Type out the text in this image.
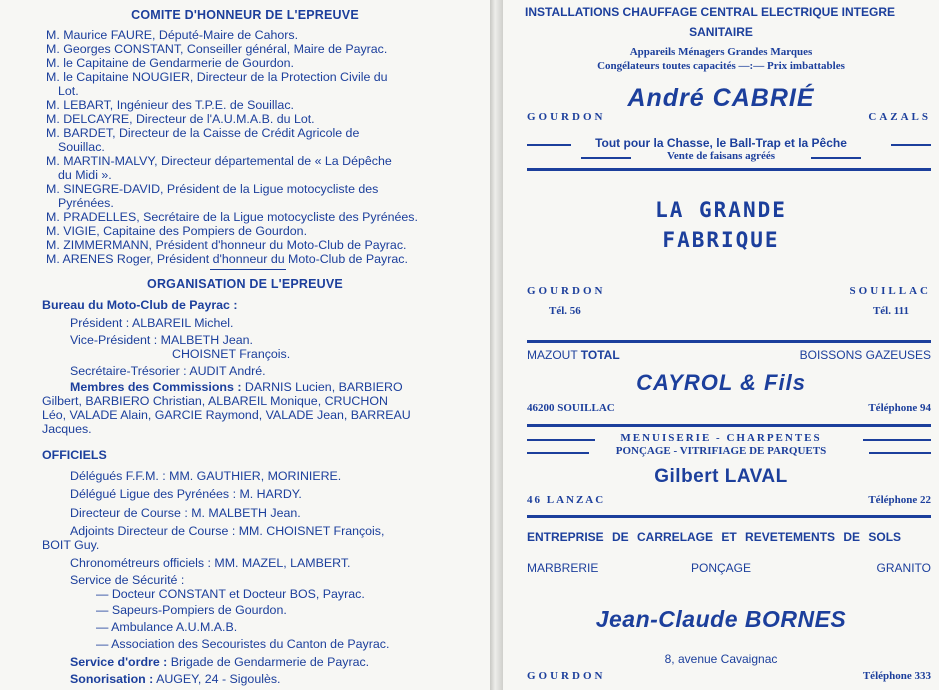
COMITE D'HONNEUR DE L'EPREUVE
M. Maurice FAURE, Député-Maire de Cahors.
M. Georges CONSTANT, Conseiller général, Maire de Payrac.
M. le Capitaine de Gendarmerie de Gourdon.
M. le Capitaine NOUGIER, Directeur de la Protection Civile du
Lot.
M. LEBART, Ingénieur des T.P.E. de Souillac.
M. DELCAYRE, Directeur de l'A.U.M.A.B. du Lot.
M. BARDET, Directeur de la Caisse de Crédit Agricole de
Souillac.
M. MARTIN-MALVY, Directeur départemental de « La Dépêche
du Midi ».
M. SINEGRE-DAVID, Président de la Ligue motocycliste des
Pyrénées.
M. PRADELLES, Secrétaire de la Ligue motocycliste des Pyrénées.
M. VIGIE, Capitaine des Pompiers de Gourdon.
M. ZIMMERMANN, Président d'honneur du Moto-Club de Payrac.
M. ARENES Roger, Président d'honneur du Moto-Club de Payrac.
ORGANISATION DE L'EPREUVE
Bureau du Moto-Club de Payrac :
Président : ALBAREIL Michel.
Vice-Président : MALBETH Jean.
CHOISNET François.
Secrétaire-Trésorier : AUDIT André.
Membres des Commissions : DARNIS Lucien, BARBIERO
Gilbert, BARBIERO Christian, ALBAREIL Monique, CRUCHON
Léo, VALADE Alain, GARCIE Raymond, VALADE Jean, BARREAU
Jacques.
OFFICIELS
Délégués F.F.M. : MM. GAUTHIER, MORINIERE.
Délégué Ligue des Pyrénées : M. HARDY.
Directeur de Course : M. MALBETH Jean.
Adjoints Directeur de Course : MM. CHOISNET François,
BOIT Guy.
Chronométreurs officiels : MM. MAZEL, LAMBERT.
Service de Sécurité :
— Docteur CONSTANT et Docteur BOS, Payrac.
— Sapeurs-Pompiers de Gourdon.
— Ambulance A.U.M.A.B.
— Association des Secouristes du Canton de Payrac.
Service d'ordre : Brigade de Gendarmerie de Payrac.
Sonorisation : AUGEY, 24 - Sigoulès.
INSTALLATIONS CHAUFFAGE CENTRAL ELECTRIQUE INTEGRE
SANITAIRE
Appareils Ménagers Grandes Marques
Congélateurs toutes capacités —:— Prix imbattables
André CABRIÉ
GOURDON	CAZALS
Tout pour la Chasse, le Ball-Trap et la Pêche
Vente de faisans agréés
LA GRANDE
FABRIQUE
GOURDON	SOUILLAC
Tél. 56	Tél. 111
MAZOUT TOTAL	BOISSONS GAZEUSES
CAYROL & Fils
46200 SOUILLAC	Téléphone 94
MENUISERIE - CHARPENTES
PONÇAGE - VITRIFIAGE DE PARQUETS
Gilbert LAVAL
46 LANZAC	Téléphone 22
ENTREPRISE DE CARRELAGE ET REVETEMENTS DE SOLS
MARBRERIE	PONÇAGE	GRANITO
Jean-Claude BORNES
8, avenue Cavaignac
GOURDON	Téléphone 333
